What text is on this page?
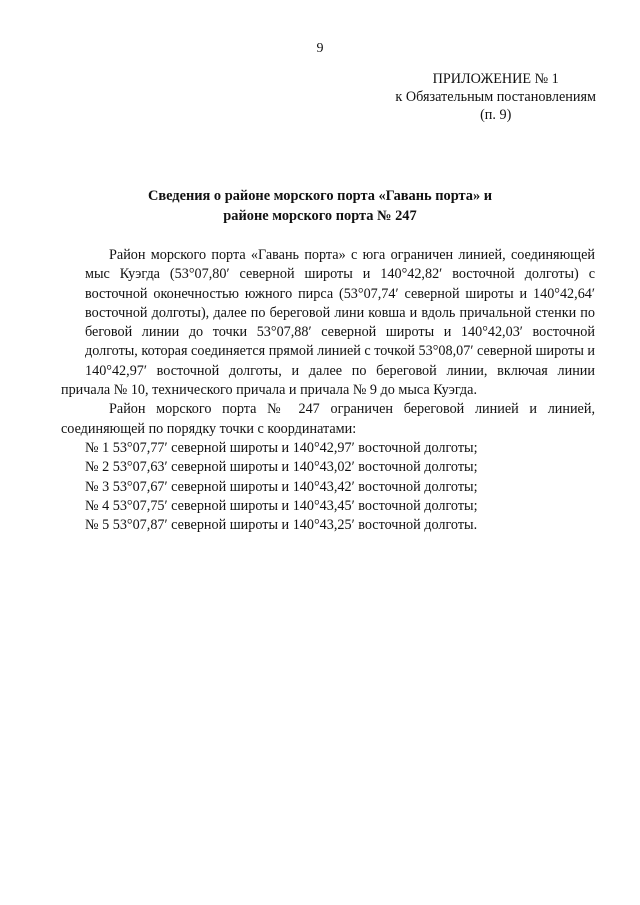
9
ПРИЛОЖЕНИЕ № 1
к Обязательным постановлениям
(п. 9)
Сведения о районе морского порта «Гавань порта» и
районе морского порта № 247
Район морского порта «Гавань порта» с юга ограничен линией, соединяющей
мыс Куэгда (53°07,80′ северной широты и 140°42,82′ восточной долготы) с
восточной оконечностью южного пирса (53°07,74′ северной широты и 140°42,64′
восточной долготы), далее по береговой лини ковша и вдоль причальной стенки по
беговой линии до точки 53°07,88′ северной широты и 140°42,03′ восточной
долготы, которая соединяется прямой линией с точкой 53°08,07′ северной широты и
140°42,97′ восточной долготы, и далее по береговой линии, включая линии
причала № 10, технического причала и причала № 9 до мыса Куэгда.
Район морского порта № 247 ограничен береговой линией и линией,
соединяющей по порядку точки с координатами:
№ 1 53°07,77′ северной широты и 140°42,97′ восточной долготы;
№ 2 53°07,63′ северной широты и 140°43,02′ восточной долготы;
№ 3 53°07,67′ северной широты и 140°43,42′ восточной долготы;
№ 4 53°07,75′ северной широты и 140°43,45′ восточной долготы;
№ 5 53°07,87′ северной широты и 140°43,25′ восточной долготы.
